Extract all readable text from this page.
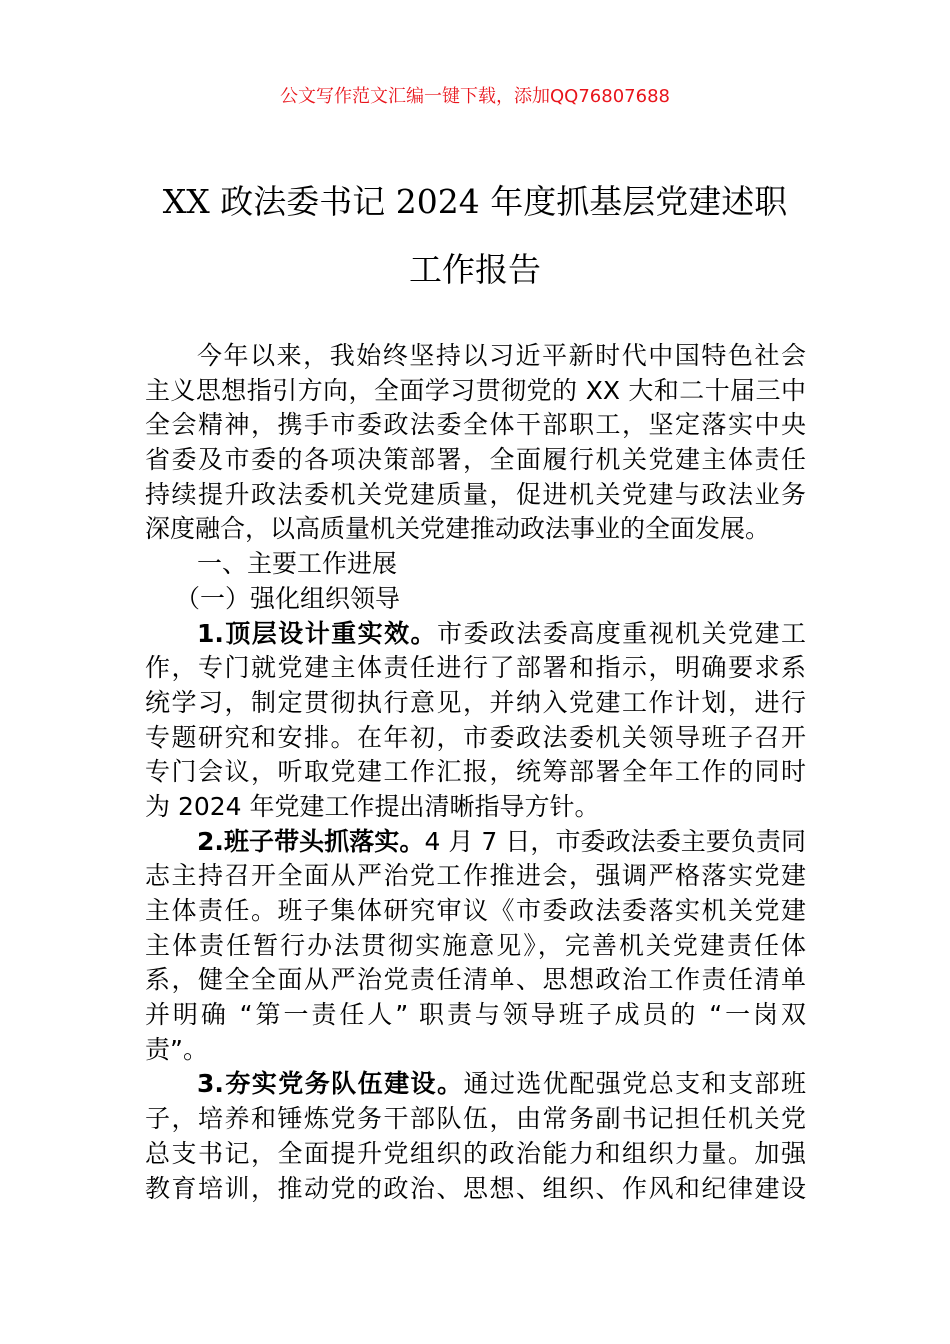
公文写作范文汇编一键下载，添加QQ76807688
XX 政法委书记 2024 年度抓基层党建述职
工作报告
今年以来，我始终坚持以习近平新时代中国特色社会
主义思想指引方向，全面学习贯彻党的 XX 大和二十届三中
全会精神，携手市委政法委全体干部职工，坚定落实中央
省委及市委的各项决策部署，全面履行机关党建主体责任
持续提升政法委机关党建质量，促进机关党建与政法业务
深度融合，以高质量机关党建推动政法事业的全面发展。
一、主要工作进展
（一）强化组织领导
1.顶层设计重实效。市委政法委高度重视机关党建工
作，专门就党建主体责任进行了部署和指示，明确要求系
统学习，制定贯彻执行意见，并纳入党建工作计划，进行
专题研究和安排。在年初，市委政法委机关领导班子召开
专门会议，听取党建工作汇报，统筹部署全年工作的同时
为 2024 年党建工作提出清晰指导方针。
2.班子带头抓落实。4 月 7 日，市委政法委主要负责同
志主持召开全面从严治党工作推进会，强调严格落实党建
主体责任。班子集体研究审议《市委政法委落实机关党建
主体责任暂行办法贯彻实施意见》，完善机关党建责任体
系，健全全面从严治党责任清单、思想政治工作责任清单
并明确 “第一责任人” 职责与领导班子成员的 “一岗双
责”。
3.夯实党务队伍建设。通过选优配强党总支和支部班
子，培养和锤炼党务干部队伍，由常务副书记担任机关党
总支书记，全面提升党组织的政治能力和组织力量。加强
教育培训，推动党的政治、思想、组织、作风和纪律建设
